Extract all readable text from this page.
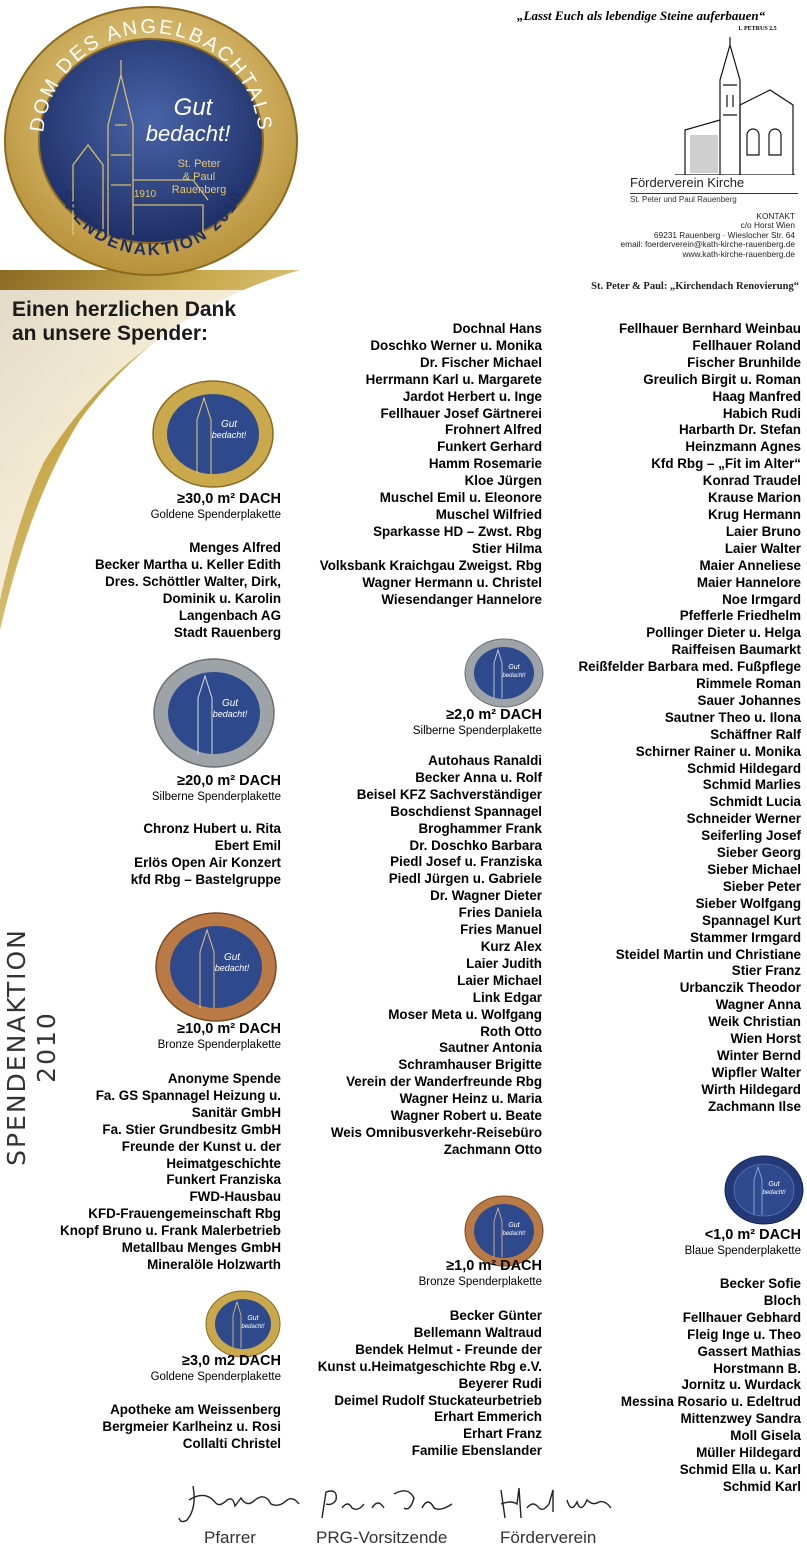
DOM DES ANGELBACHTALS
SPENDENAKTION 2010
Gut
bedacht!
St. Peter
& Paul
Rauenberg
1910
„Lasst Euch als lebendige Steine auferbauen“
1. PETRUS 2,5
Förderverein Kirche
St. Peter und Paul Rauenberg
KONTAKT
c/o Horst Wien
69231 Rauenberg · Wieslocher Str. 64
email: foerderverein@kath-kirche-rauenberg.de
www.kath-kirche-rauenberg.de
St. Peter & Paul: „Kirchendach Renovierung“
Einen herzlichen Dank
an unsere Spender:
SPENDENAKTION 2010
Gut
bedacht!
Gut
bedacht!
Gut
bedacht!
Gut
bedacht!
Gut
bedacht!
Gut
bedacht!
Gut
bedacht!
≥30,0 m² DACH
Goldene Spenderplakette
Menges Alfred
Becker Martha u. Keller Edith
Dres. Schöttler Walter, Dirk,
Dominik u. Karolin
Langenbach AG
Stadt Rauenberg
≥20,0 m² DACH
Silberne Spenderplakette
Chronz Hubert u. Rita
Ebert Emil
Erlös Open Air Konzert
kfd Rbg – Bastelgruppe
≥10,0 m² DACH
Bronze Spenderplakette
Anonyme Spende
Fa. GS Spannagel Heizung u.
Sanitär GmbH
Fa. Stier Grundbesitz GmbH
Freunde der Kunst u. der
Heimatgeschichte
Funkert Franziska
FWD-Hausbau
KFD-Frauengemeinschaft Rbg
Knopf Bruno u. Frank Malerbetrieb
Metallbau Menges GmbH
Mineralöle Holzwarth
≥3,0 m2 DACH
Goldene Spenderplakette
Apotheke am Weissenberg
Bergmeier Karlheinz u. Rosi
Collalti Christel
Dochnal Hans
Doschko Werner u. Monika
Dr. Fischer Michael
Herrmann Karl u. Margarete
Jardot Herbert u. Inge
Fellhauer Josef Gärtnerei
Frohnert Alfred
Funkert Gerhard
Hamm Rosemarie
Kloe Jürgen
Muschel Emil u. Eleonore
Muschel Wilfried
Sparkasse HD – Zwst. Rbg
Stier Hilma
Volksbank Kraichgau Zweigst. Rbg
Wagner Hermann u. Christel
Wiesendanger Hannelore
≥2,0 m² DACH
Silberne Spenderplakette
Autohaus Ranaldi
Becker Anna u. Rolf
Beisel KFZ Sachverständiger
Boschdienst Spannagel
Broghammer Frank
Dr. Doschko Barbara
Piedl Josef u. Franziska
Piedl Jürgen u. Gabriele
Dr. Wagner Dieter
Fries Daniela
Fries Manuel
Kurz Alex
Laier Judith
Laier Michael
Link Edgar
Moser Meta u. Wolfgang
Roth Otto
Sautner Antonia
Schramhauser Brigitte
Verein der Wanderfreunde Rbg
Wagner Heinz u. Maria
Wagner Robert u. Beate
Weis Omnibusverkehr-Reisebüro
Zachmann Otto
≥1,0 m² DACH
Bronze Spenderplakette
Becker Günter
Bellemann Waltraud
Bendek Helmut - Freunde der
Kunst u.Heimatgeschichte Rbg e.V.
Beyerer Rudi
Deimel Rudolf Stuckateurbetrieb
Erhart Emmerich
Erhart Franz
Familie Ebenslander
Fellhauer Bernhard Weinbau
Fellhauer Roland
Fischer Brunhilde
Greulich Birgit u. Roman
Haag Manfred
Habich Rudi
Harbarth Dr. Stefan
Heinzmann Agnes
Kfd Rbg – „Fit im Alter“
Konrad Traudel
Krause Marion
Krug Hermann
Laier Bruno
Laier Walter
Maier Anneliese
Maier Hannelore
Noe Irmgard
Pfefferle Friedhelm
Pollinger Dieter u. Helga
Raiffeisen Baumarkt
Reißfelder Barbara med. Fußpflege
Rimmele Roman
Sauer Johannes
Sautner Theo u. Ilona
Schäffner Ralf
Schirner Rainer u. Monika
Schmid Hildegard
Schmid Marlies
Schmidt Lucia
Schneider Werner
Seiferling Josef
Sieber Georg
Sieber Michael
Sieber Peter
Sieber Wolfgang
Spannagel Kurt
Stammer Irmgard
Steidel Martin und Christiane
Stier Franz
Urbanczik Theodor
Wagner Anna
Weik Christian
Wien Horst
Winter Bernd
Wipfler Walter
Wirth Hildegard
Zachmann Ilse
<1,0 m² DACH
Blaue Spenderplakette
Becker Sofie
Bloch
Fellhauer Gebhard
Fleig Inge u. Theo
Gassert Mathias
Horstmann B.
Jornitz u. Wurdack
Messina Rosario u. Edeltrud
Mittenzwey Sandra
Moll Gisela
Müller Hildegard
Schmid Ella u. Karl
Schmid Karl
Pfarrer	PRG-Vorsitzende	Förderverein
